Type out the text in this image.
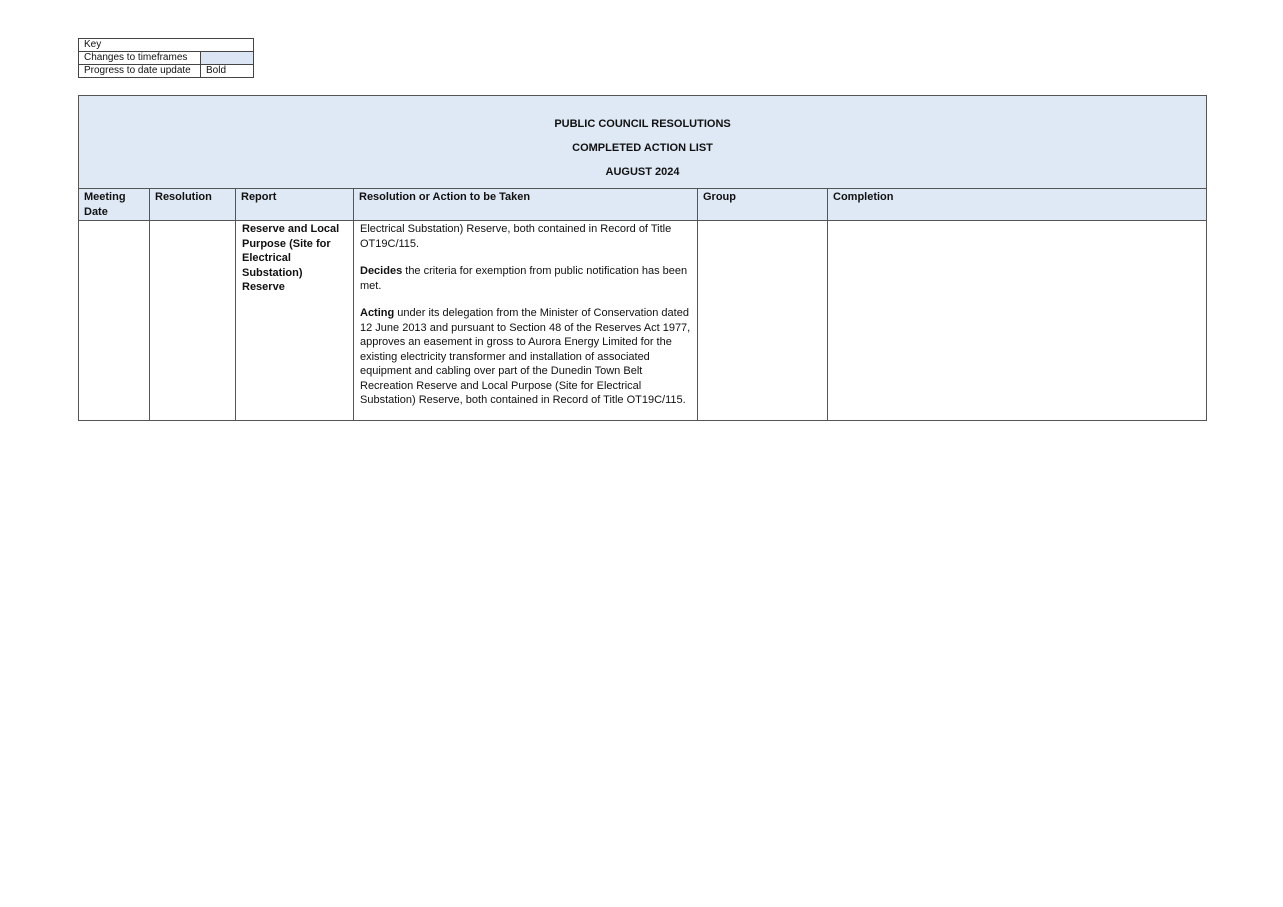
Key	
Changes to timeframes	
Progress to date update	Bold
PUBLIC COUNCIL RESOLUTIONS
COMPLETED ACTION LIST
AUGUST 2024					

Meeting Date	Resolution	Report	Resolution or Action to be Taken	Group	Completion
		Reserve and Local Purpose (Site for Electrical Substation) Reserve	Electrical Substation) Reserve, both contained in Record of Title OT19C/115.

Decides the criteria for exemption from public notification has been met.

Acting under its delegation from the Minister of Conservation dated 12 June 2013 and pursuant to Section 48 of the Reserves Act 1977, approves an easement in gross to Aurora Energy Limited for the existing electricity transformer and installation of associated equipment and cabling over part of the Dunedin Town Belt Recreation Reserve and Local Purpose (Site for Electrical Substation) Reserve, both contained in Record of Title OT19C/115.		
